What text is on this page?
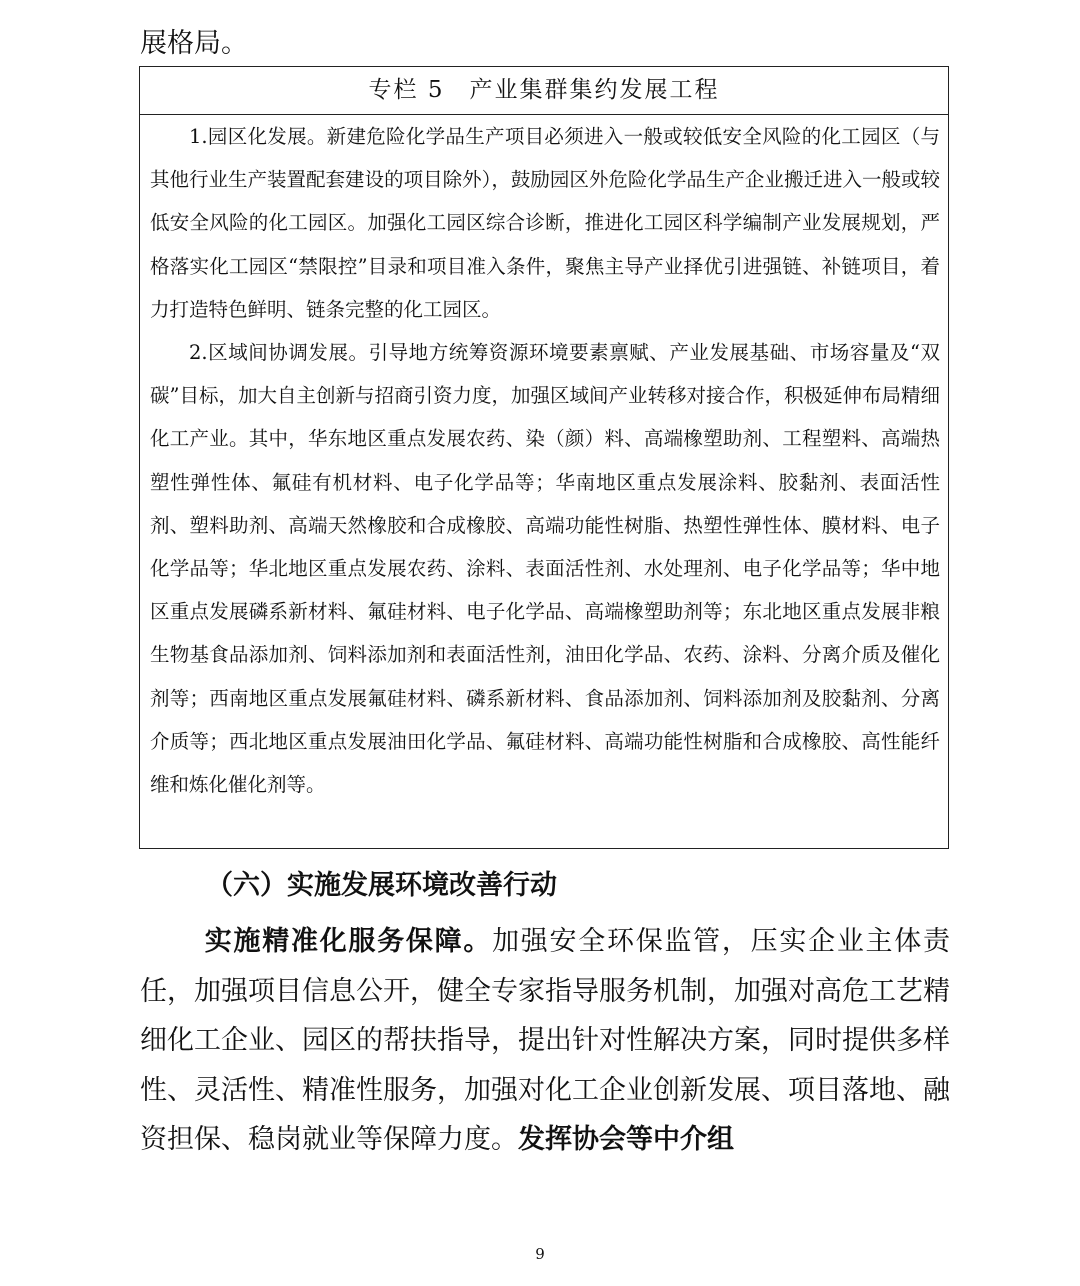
展格局。
专栏 5　产业集群集约发展工程

1.园区化发展。新建危险化学品生产项目必须进入一般或较低安全风险的化工园区（与其他行业生产装置配套建设的项目除外），鼓励园区外危险化学品生产企业搬迁进入一般或较低安全风险的化工园区。加强化工园区综合诊断，推进化工园区科学编制产业发展规划，严格落实化工园区“禁限控”目录和项目准入条件，聚焦主导产业择优引进强链、补链项目，着力打造特色鲜明、链条完整的化工园区。

2.区域间协调发展。引导地方统筹资源环境要素禀赋、产业发展基础、市场容量及“双碳”目标，加大自主创新与招商引资力度，加强区域间产业转移对接合作，积极延伸布局精细化工产业。其中，华东地区重点发展农药、染（颜）料、高端橡塑助剂、工程塑料、高端热塑性弹性体、氟硅有机材料、电子化学品等；华南地区重点发展涂料、胶黏剂、表面活性剂、塑料助剂、高端天然橡胶和合成橡胶、高端功能性树脂、热塑性弹性体、膜材料、电子化学品等；华北地区重点发展农药、涂料、表面活性剂、水处理剂、电子化学品等；华中地区重点发展磷系新材料、氟硅材料、电子化学品、高端橡塑助剂等；东北地区重点发展非粮生物基食品添加剂、饲料添加剂和表面活性剂，油田化学品、农药、涂料、分离介质及催化剂等；西南地区重点发展氟硅材料、磷系新材料、食品添加剂、饲料添加剂及胶黏剂、分离介质等；西北地区重点发展油田化学品、氟硅材料、高端功能性树脂和合成橡胶、高性能纤维和炼化催化剂等。

（六）实施发展环境改善行动

实施精准化服务保障。加强安全环保监管，压实企业主体责任，加强项目信息公开，健全专家指导服务机制，加强对高危工艺精细化工企业、园区的帮扶指导，提出针对性解决方案，同时提供多样性、灵活性、精准性服务，加强对化工企业创新发展、项目落地、融资担保、稳岗就业等保障力度。发挥协会等中介组

9
